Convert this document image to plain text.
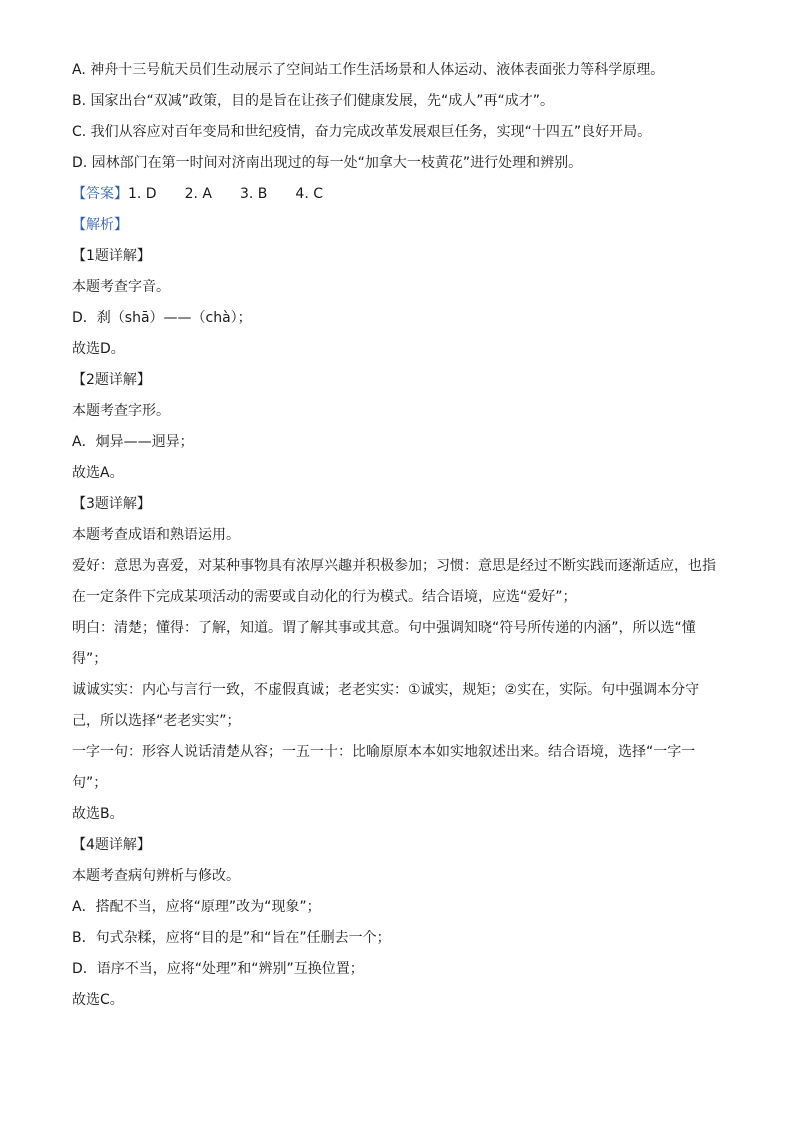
A. 神舟十三号航天员们生动展示了空间站工作生活场景和人体运动、液体表面张力等科学原理。
B. 国家出台“双减”政策，目的是旨在让孩子们健康发展，先“成人”再“成才”。
C. 我们从容应对百年变局和世纪疫情，奋力完成改革发展艰巨任务，实现“十四五”良好开局。
D. 园林部门在第一时间对济南出现过的每一处“加拿大一枝黄花”进行处理和辨别。
【答案】1. D 2. A 3. B 4. C
【解析】
【1题详解】
本题考查字音。
D．刹（shā）——（chà）；
故选D。
【2题详解】
本题考查字形。
A．炯异——迥异；
故选A。
【3题详解】
本题考查成语和熟语运用。
爱好：意思为喜爱，对某种事物具有浓厚兴趣并积极参加；习惯：意思是经过不断实践而逐渐适应，也指
在一定条件下完成某项活动的需要或自动化的行为模式。结合语境，应选“爱好”；
明白：清楚；懂得：了解，知道。谓了解其事或其意。句中强调知晓“符号所传递的内涵”，所以选“懂
得”；
诚诚实实：内心与言行一致，不虚假真诚；老老实实：①诚实，规矩；②实在，实际。句中强调本分守
己，所以选择“老老实实”；
一字一句：形容人说话清楚从容；一五一十：比喻原原本本如实地叙述出来。结合语境，选择“一字一
句”；
故选B。
【4题详解】
本题考查病句辨析与修改。
A．搭配不当，应将“原理”改为“现象”；
B．句式杂糅，应将“目的是”和“旨在”任删去一个；
D．语序不当，应将“处理”和“辨别”互换位置；
故选C。
